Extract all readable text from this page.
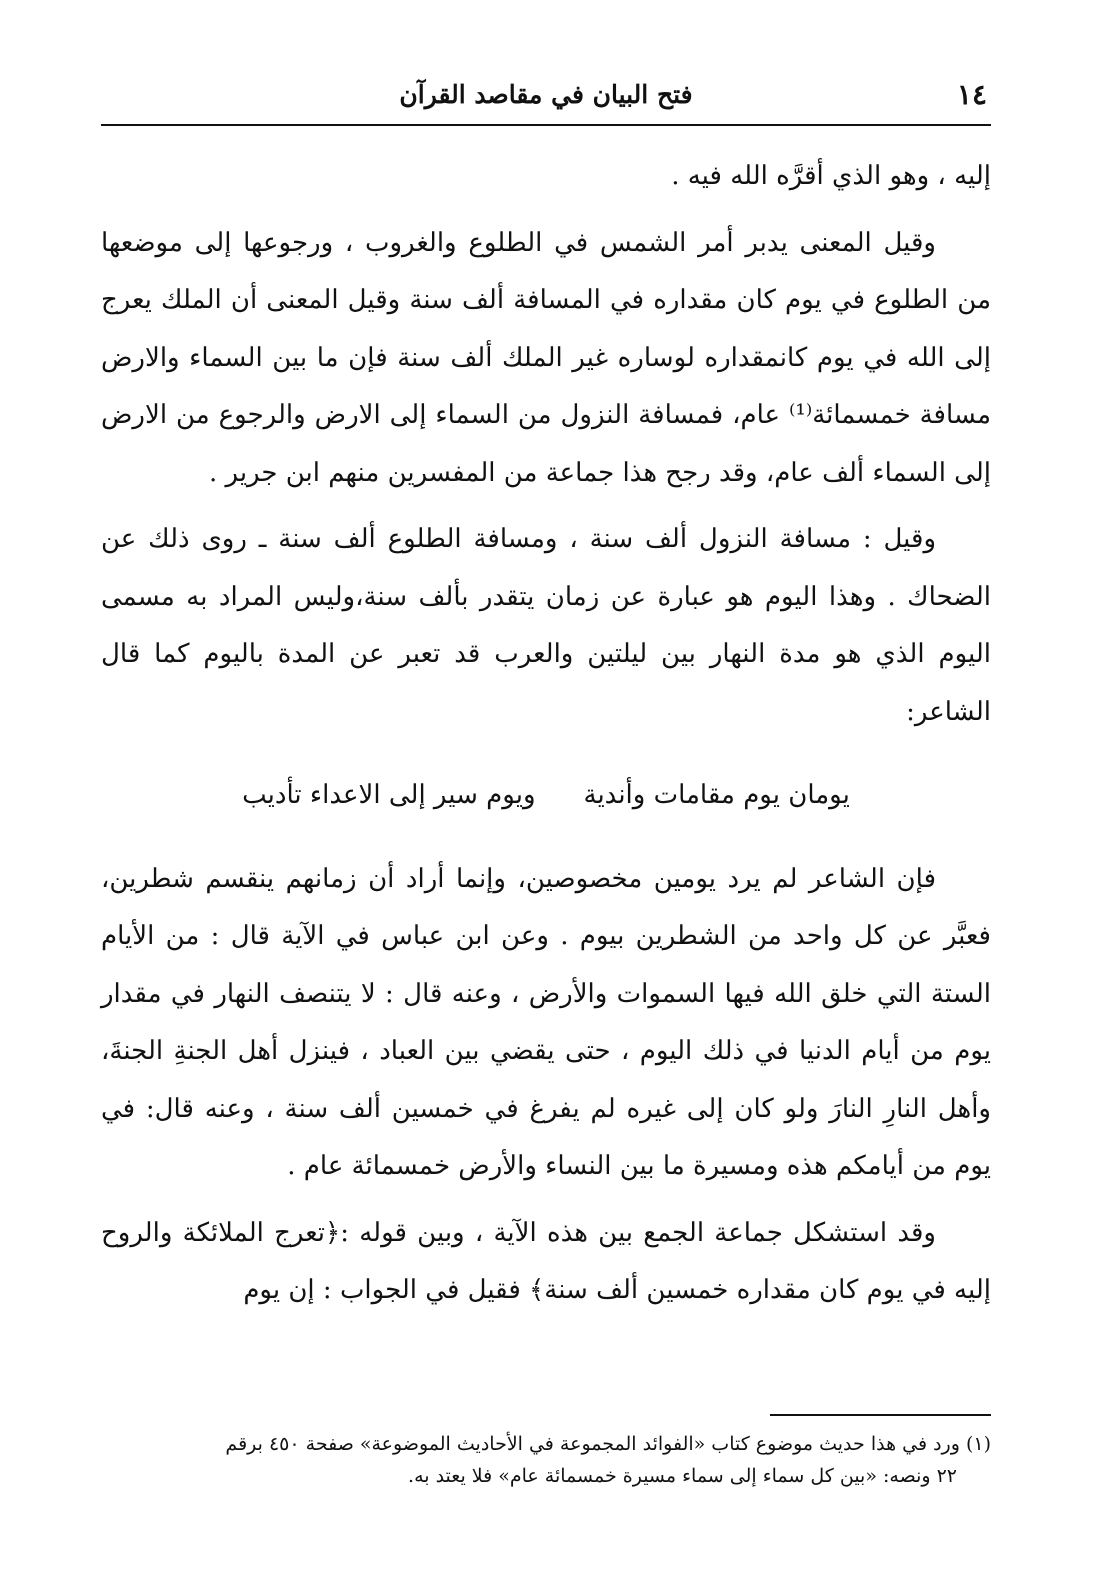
١٤
فتح البيان في مقاصد القرآن

إليه ، وهو الذي أقرَّه الله فيه .

وقيل المعنى يدبر أمر الشمس في الطلوع والغروب ، ورجوعها إلى موضعها من الطلوع في يوم كان مقداره في المسافة ألف سنة وقيل المعنى أن الملك يعرج إلى الله في يوم كانمقداره لوساره غير الملك ألف سنة فإن ما بين السماء والارض مسافة خمسمائة⁽¹⁾ عام، فمسافة النزول من السماء إلى الارض والرجوع من الارض إلى السماء ألف عام، وقد رجح هذا جماعة من المفسرين منهم ابن جرير .

وقيل : مسافة النزول ألف سنة ، ومسافة الطلوع ألف سنة ـ روى ذلك عن الضحاك . وهذا اليوم هو عبارة عن زمان يتقدر بألف سنة،وليس المراد به مسمى اليوم الذي هو مدة النهار بين ليلتين والعرب قد تعبر عن المدة باليوم كما قال الشاعر:

يومان يوم مقامات وأندية
ويوم سير إلى الاعداء تأديب

فإن الشاعر لم يرد يومين مخصوصين، وإنما أراد أن زمانهم ينقسم شطرين، فعبَّر عن كل واحد من الشطرين بيوم . وعن ابن عباس في الآية قال : من الأيام الستة التي خلق الله فيها السموات والأرض ، وعنه قال : لا يتنصف النهار في مقدار يوم من أيام الدنيا في ذلك اليوم ، حتى يقضي بين العباد ، فينزل أهل الجنةِ الجنةَ، وأهل النارِ النارَ ولو كان إلى غيره لم يفرغ في خمسين ألف سنة ، وعنه قال: في يوم من أيامكم هذه ومسيرة ما بين النساء والأرض خمسمائة عام .

وقد استشكل جماعة الجمع بين هذه الآية ، وبين قوله :﴿تعرج الملائكة والروح إليه في يوم كان مقداره خمسين ألف سنة﴾ فقيل في الجواب : إن يوم

(١) ورد في هذا حديث موضوع كتاب «الفوائد المجموعة في الأحاديث الموضوعة» صفحة ٤٥٠ برقم

٢٢ ونصه: «بين كل سماء إلى سماء مسيرة خمسمائة عام» فلا يعتد به.
